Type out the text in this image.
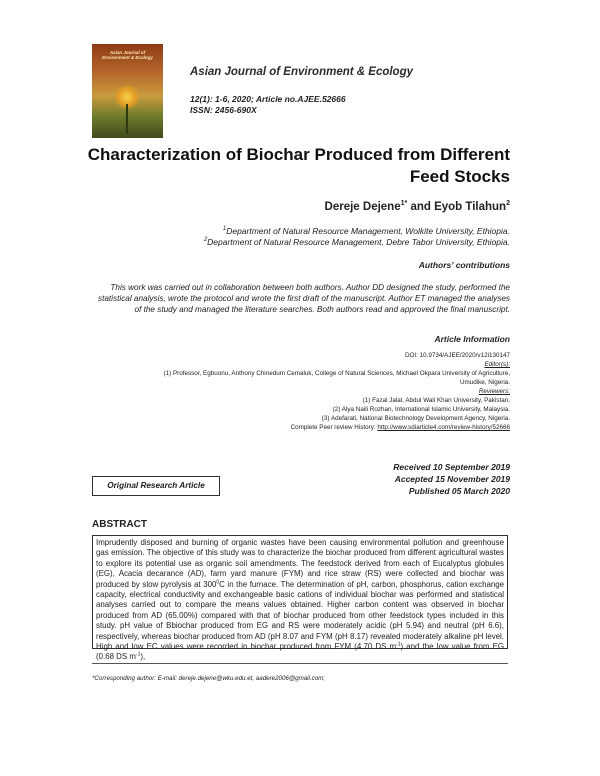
Asian Journal of Environment & Ecology
Asian Journal of Environment & Ecology
12(1): 1-6, 2020; Article no.AJEE.52666
ISSN: 2456-690X
Characterization of Biochar Produced from Different
Feed Stocks
Dereje Dejene$^{1*}$ and Eyob Tilahun$^2$
$^1$Department of Natural Resource Management, Wolkite University, Ethiopia.
$^2$Department of Natural Resource Management, Debre Tabor University, Ethiopia.
Authors’ contributions
This work was carried out in collaboration between both authors. Author DD designed the study, performed the statistical analysis, wrote the protocol and wrote the first draft of the manuscript. Author ET managed the analyses of the study and managed the literature searches. Both authors read and approved the final manuscript.
Article Information
DOI: 10.9734/AJEE/2020/v12i130147
Editor(s):
(1) Professor, Egbuonu, Anthony Chinedum Cemaluk, College of Natural Sciences, Michael Okpara University of Agriculture,
Umudike, Nigeria.
Reviewers:
(1) Fazal Jalal, Abdul Wali Khan University, Pakistan.
(2) Alya Naili Rozhan, International Islamic University, Malaysia.
(3) Adefarati, National Biotechnology Development Agency, Nigeria.
Complete Peer review History: http://www.sdiarticle4.com/review-history/52666
Received 10 September 2019
Accepted 15 November 2019
Published 05 March 2020
Original Research Article
ABSTRACT
Imprudently disposed and burning of organic wastes have been causing environmental pollution and greenhouse gas emission. The objective of this study was to characterize the biochar produced from different agricultural wastes to explore its potential use as organic soil amendments. The feedstock derived from each of Eucalyptus globules (EG), Acacia decarance (AD), farm yard manure (FYM) and rice straw (RS) were collected and biochar was produced by slow pyrolysis at $300^0C$ in the furnace. The determination of pH, carbon, phosphorus, cation exchange capacity, electrical conductivity and exchangeable basic cations of individual biochar was performed and statistical analyses carried out to compare the means values obtained. Higher carbon content was observed in biochar produced from AD (65.00%) compared with that of biochar produced from other feedstock types included in this study. pH value of Bbiochar produced from EG and RS were moderately acidic (pH 5.94) and neutral (pH 6.6), respectively, whereas biochar produced from AD (pH 8.07 and FYM (pH 8.17) revealed moderately alkaline pH level. High and low EC values were recorded in biochar produced from FYM (4.70 DS $m^{-1}$) and the low value from EG (0.68 DS $m^{-1}$),
*Corresponding author: E-mail: dereje.dejene@wku.edu.et, aadere2006@gmail.com;
